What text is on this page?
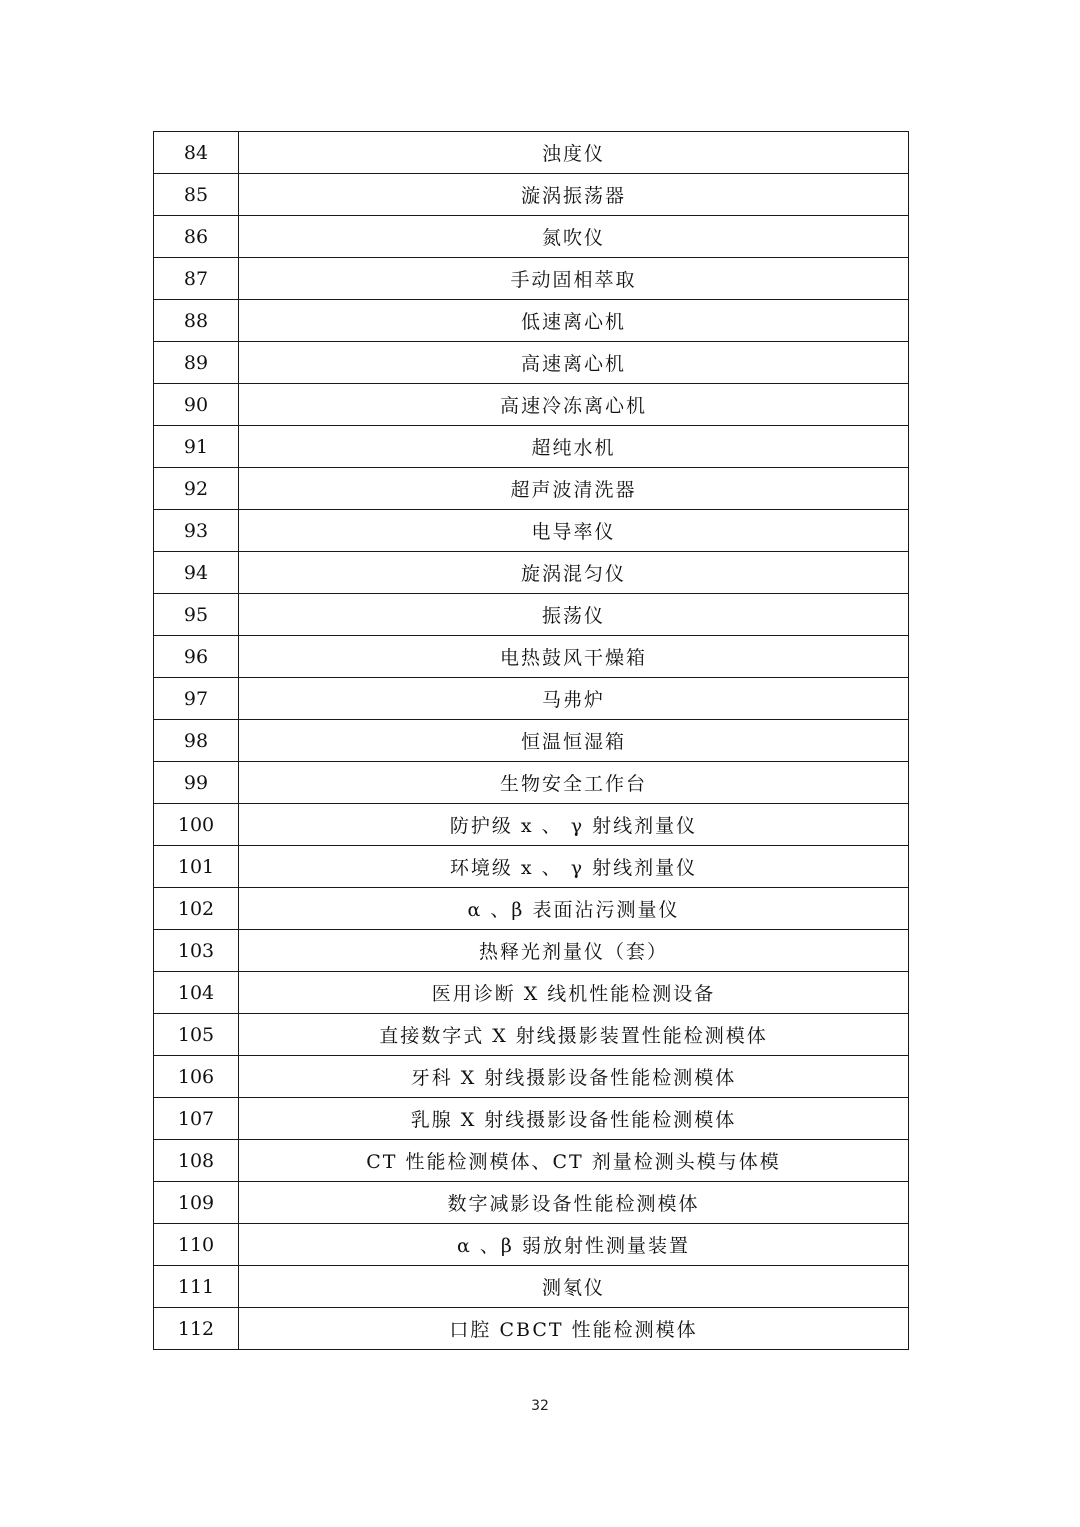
84	浊度仪
85	漩涡振荡器
86	氮吹仪
87	手动固相萃取
88	低速离心机
89	高速离心机
90	高速冷冻离心机
91	超纯水机
92	超声波清洗器
93	电导率仪
94	旋涡混匀仪
95	振荡仪
96	电热鼓风干燥箱
97	马弗炉
98	恒温恒湿箱
99	生物安全工作台
100	防护级 x 、 γ 射线剂量仪
101	环境级 x 、 γ 射线剂量仪
102	α 、β 表面沾污测量仪
103	热释光剂量仪（套）
104	医用诊断 X 线机性能检测设备
105	直接数字式 X 射线摄影装置性能检测模体
106	牙科 X 射线摄影设备性能检测模体
107	乳腺 X 射线摄影设备性能检测模体
108	CT 性能检测模体、CT 剂量检测头模与体模
109	数字减影设备性能检测模体
110	α 、β 弱放射性测量装置
111	测氡仪
112	口腔 CBCT 性能检测模体
32
